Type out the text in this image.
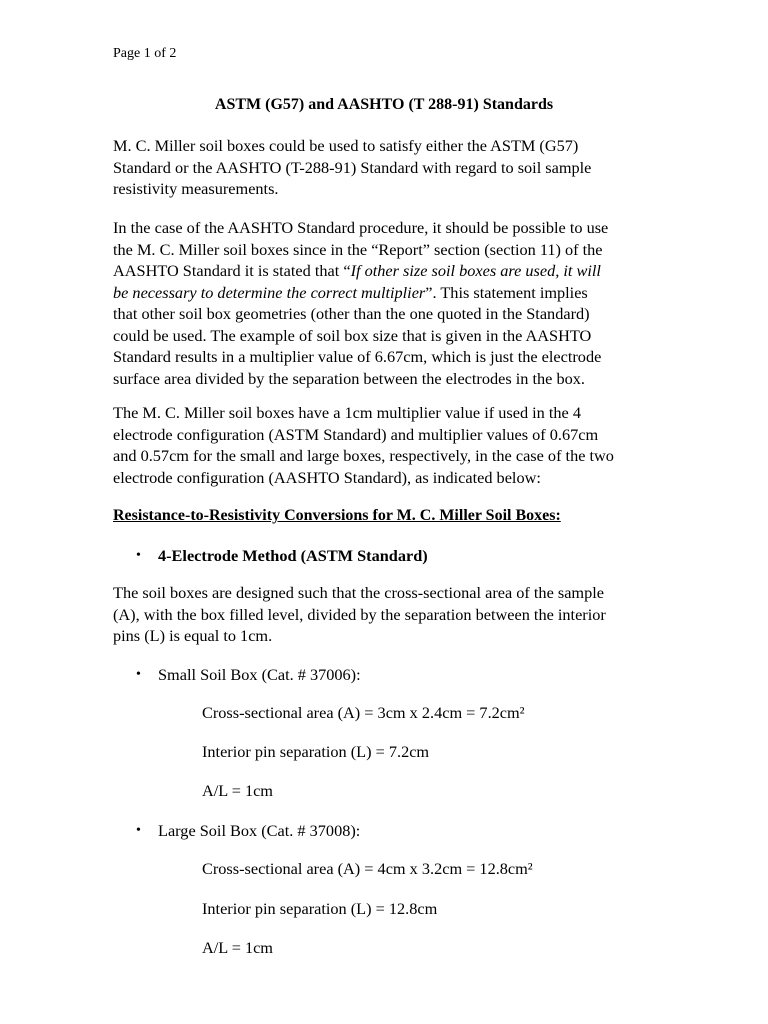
Page 1 of 2
ASTM (G57) and AASHTO (T 288-91) Standards

M. C. Miller soil boxes could be used to satisfy either the ASTM (G57)
Standard or the AASHTO (T-288-91) Standard with regard to soil sample
resistivity measurements.

In the case of the AASHTO Standard procedure, it should be possible to use
the M. C. Miller soil boxes since in the “Report” section (section 11) of the
AASHTO Standard it is stated that “If other size soil boxes are used, it will
be necessary to determine the correct multiplier”. This statement implies
that other soil box geometries (other than the one quoted in the Standard)
could be used. The example of soil box size that is given in the AASHTO
Standard results in a multiplier value of 6.67cm, which is just the electrode
surface area divided by the separation between the electrodes in the box.

The M. C. Miller soil boxes have a 1cm multiplier value if used in the 4
electrode configuration (ASTM Standard) and multiplier values of 0.67cm
and 0.57cm for the small and large boxes, respectively, in the case of the two
electrode configuration (AASHTO Standard), as indicated below:

Resistance-to-Resistivity Conversions for M. C. Miller Soil Boxes:
• 4-Electrode Method (ASTM Standard)

The soil boxes are designed such that the cross-sectional area of the sample
(A), with the box filled level, divided by the separation between the interior
pins (L) is equal to 1cm.

• Small Soil Box (Cat. # 37006):
Cross-sectional area (A) = 3cm x 2.4cm = 7.2cm²
Interior pin separation (L) = 7.2cm
A/L = 1cm
• Large Soil Box (Cat. # 37008):
Cross-sectional area (A) = 4cm x 3.2cm = 12.8cm²
Interior pin separation (L) = 12.8cm
A/L = 1cm
